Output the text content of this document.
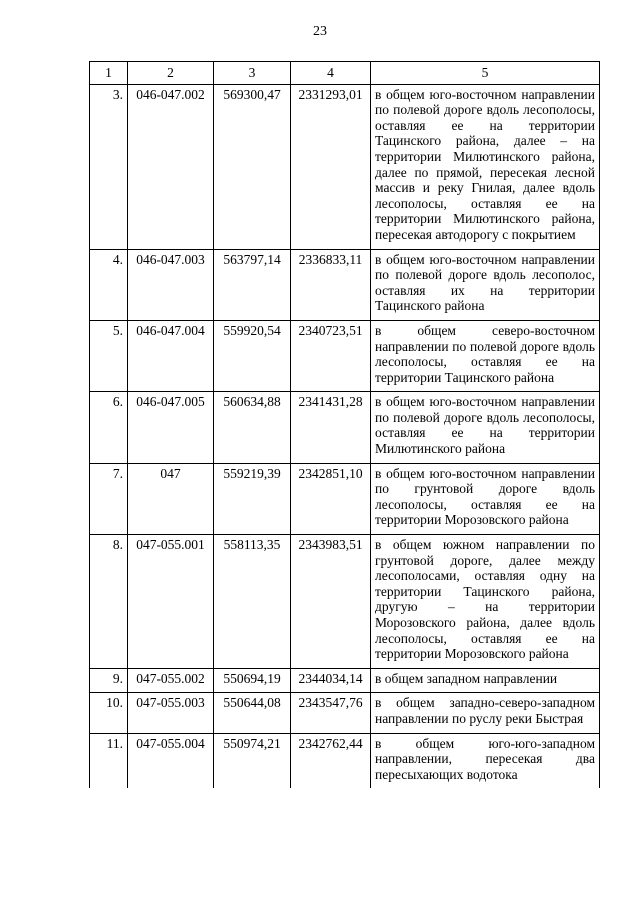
23
1	2	3	4	5
3.	046-047.002	569300,47	2331293,01	в общем юго-восточном направлении по полевой дороге вдоль лесополосы, оставляя ее на территории Тацинского района, далее – на территории Милютинского района, далее по прямой, пересекая лесной массив и реку Гнилая, далее вдоль лесополосы, оставляя ее на территории Милютинского района, пересекая автодорогу с покрытием
4.	046-047.003	563797,14	2336833,11	в общем юго-восточном направлении по полевой дороге вдоль лесополос, оставляя их на территории Тацинского района
5.	046-047.004	559920,54	2340723,51	в общем северо-восточном направлении по полевой дороге вдоль лесополосы, оставляя ее на территории Тацинского района
6.	046-047.005	560634,88	2341431,28	в общем юго-восточном направлении по полевой дороге вдоль лесополосы, оставляя ее на территории Милютинского района
7.	047	559219,39	2342851,10	в общем юго-восточном направлении по грунтовой дороге вдоль лесополосы, оставляя ее на территории Морозовского района
8.	047-055.001	558113,35	2343983,51	в общем южном направлении по грунтовой дороге, далее между лесополосами, оставляя одну на территории Тацинского района, другую – на территории Морозовского района, далее вдоль лесополосы, оставляя ее на территории Морозовского района
9.	047-055.002	550694,19	2344034,14	в общем западном направлении
10.	047-055.003	550644,08	2343547,76	в общем западно-северо-западном направлении по руслу реки Быстрая
11.	047-055.004	550974,21	2342762,44	в общем юго-юго-западном направлении, пересекая два пересыхающих водотока
